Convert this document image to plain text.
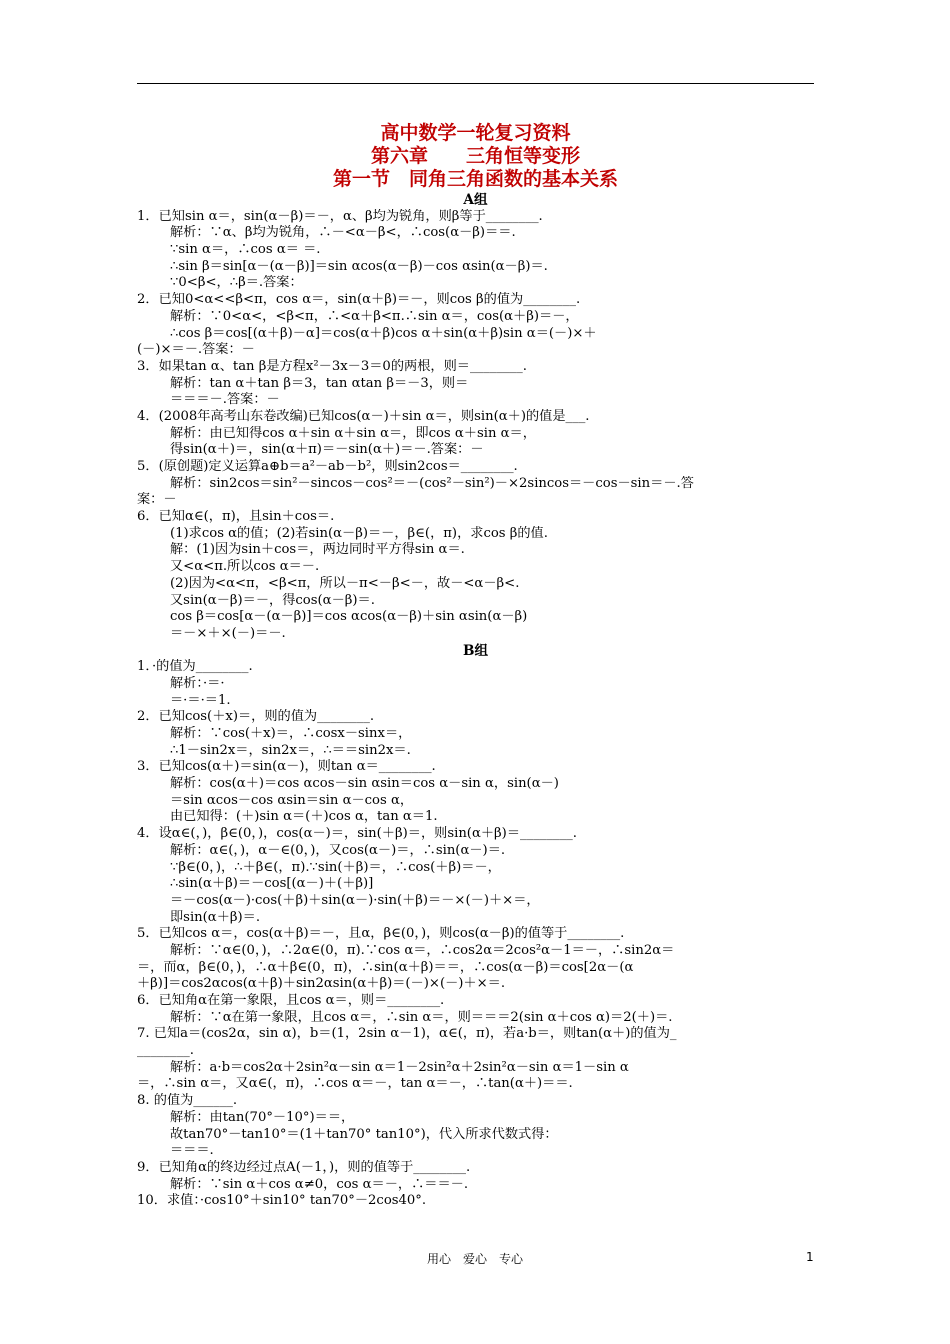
高中数学一轮复习资料
第六章　　三角恒等变形
第一节　同角三角函数的基本关系
A组
1．已知sin α＝，sin(α－β)＝－，α、β均为锐角，则β等于________.
解析：∵α、β均为锐角，∴－<α－β<，∴cos(α－β)＝＝.
∵sin α＝，∴cos α＝ ＝.
∴sin β＝sin[α－(α－β)]＝sin αcos(α－β)－cos αsin(α－β)＝.
∵0<β<，∴β＝.答案：
2．已知0<α<<β<π，cos α＝，sin(α＋β)＝－，则cos β的值为________.
解析：∵0<α<，<β<π，∴<α＋β<π.∴sin α＝，cos(α＋β)＝－，
∴cos β＝cos[(α＋β)－α]＝cos(α＋β)cos α＋sin(α＋β)sin α＝(－)×＋
(－)×＝－.答案：－
3．如果tan α、tan β是方程x²－3x－3＝0的两根，则＝________.
解析：tan α＋tan β＝3，tan αtan β＝－3，则＝
＝＝＝－.答案：－
4．(2008年高考山东卷改编)已知cos(α－)＋sin α＝，则sin(α＋)的值是___.
解析：由已知得cos α＋sin α＋sin α＝，即cos α＋sin α＝，
得sin(α＋)＝，sin(α＋π)＝－sin(α＋)＝－.答案：－
5．(原创题)定义运算a⊕b＝a²－ab－b²，则sin2cos＝________.
解析：sin2cos＝sin²－sincos－cos²＝－(cos²－sin²)－×2sincos＝－cos－sin＝－.答
案：－
6．已知α∈(，π)，且sin＋cos＝.
(1)求cos α的值；(2)若sin(α－β)＝－，β∈(，π)，求cos β的值.
解：(1)因为sin＋cos＝，两边同时平方得sin α＝.
又<α<π.所以cos α＝－.
(2)因为<α<π，<β<π，所以－π<－β<－，故－<α－β<.
又sin(α－β)＝－，得cos(α－β)＝.
cos β＝cos[α－(α－β)]＝cos αcos(α－β)＋sin αsin(α－β)
＝－×＋×(－)＝－.
B组
1．·的值为________.
解析：·＝·
＝·＝·＝1.
2．已知cos(＋x)＝，则的值为________.
解析：∵cos(＋x)＝，∴cosx－sinx＝，
∴1－sin2x＝，sin2x＝，∴＝＝sin2x＝.
3．已知cos(α＋)＝sin(α－)，则tan α＝________.
解析：cos(α＋)＝cos αcos－sin αsin＝cos α－sin α，sin(α－)
＝sin αcos－cos αsin＝sin α－cos α，
由已知得：(＋)sin α＝(＋)cos α，tan α＝1.
4．设α∈(，)，β∈(0，)，cos(α－)＝，sin(＋β)＝，则sin(α＋β)＝________.
解析：α∈(，)，α－∈(0，)，又cos(α－)＝，∴sin(α－)＝.
∵β∈(0，)，∴＋β∈(，π).∵sin(＋β)＝，∴cos(＋β)＝－，
∴sin(α＋β)＝－cos[(α－)＋(＋β)]
＝－cos(α－)·cos(＋β)＋sin(α－)·sin(＋β)＝－×(－)＋×＝，
即sin(α＋β)＝.
5．已知cos α＝，cos(α＋β)＝－，且α，β∈(0，)，则cos(α－β)的值等于________.
解析：∵α∈(0，)，∴2α∈(0，π).∵cos α＝，∴cos2α＝2cos²α－1＝－，∴sin2α＝
＝，而α，β∈(0，)，∴α＋β∈(0，π)，∴sin(α＋β)＝＝，∴cos(α－β)＝cos[2α－(α
＋β)]＝cos2αcos(α＋β)＋sin2αsin(α＋β)＝(－)×(－)＋×＝.
6．已知角α在第一象限，且cos α＝，则＝________.
解析：∵α在第一象限，且cos α＝，∴sin α＝，则＝＝＝2(sin α＋cos α)＝2(＋)＝.
7. 已知a＝(cos2α，sin α)，b＝(1，2sin α－1)，α∈(，π)，若a·b＝，则tan(α＋)的值为_
________.
解析：a·b＝cos2α＋2sin²α－sin α＝1－2sin²α＋2sin²α－sin α＝1－sin α
＝，∴sin α＝，又α∈(，π)，∴cos α＝－，tan α＝－，∴tan(α＋)＝＝.
8. 的值为______.
解析：由tan(70°－10°)＝＝，
故tan70°－tan10°＝(1＋tan70° tan10°)，代入所求代数式得：
＝＝＝.
9．已知角α的终边经过点A(－1，)，则的值等于________.
解析：∵sin α＋cos α≠0，cos α＝－，∴＝＝－.
10．求值：·cos10°＋sin10° tan70°－2cos40°.
用心　爱心　专心	1
